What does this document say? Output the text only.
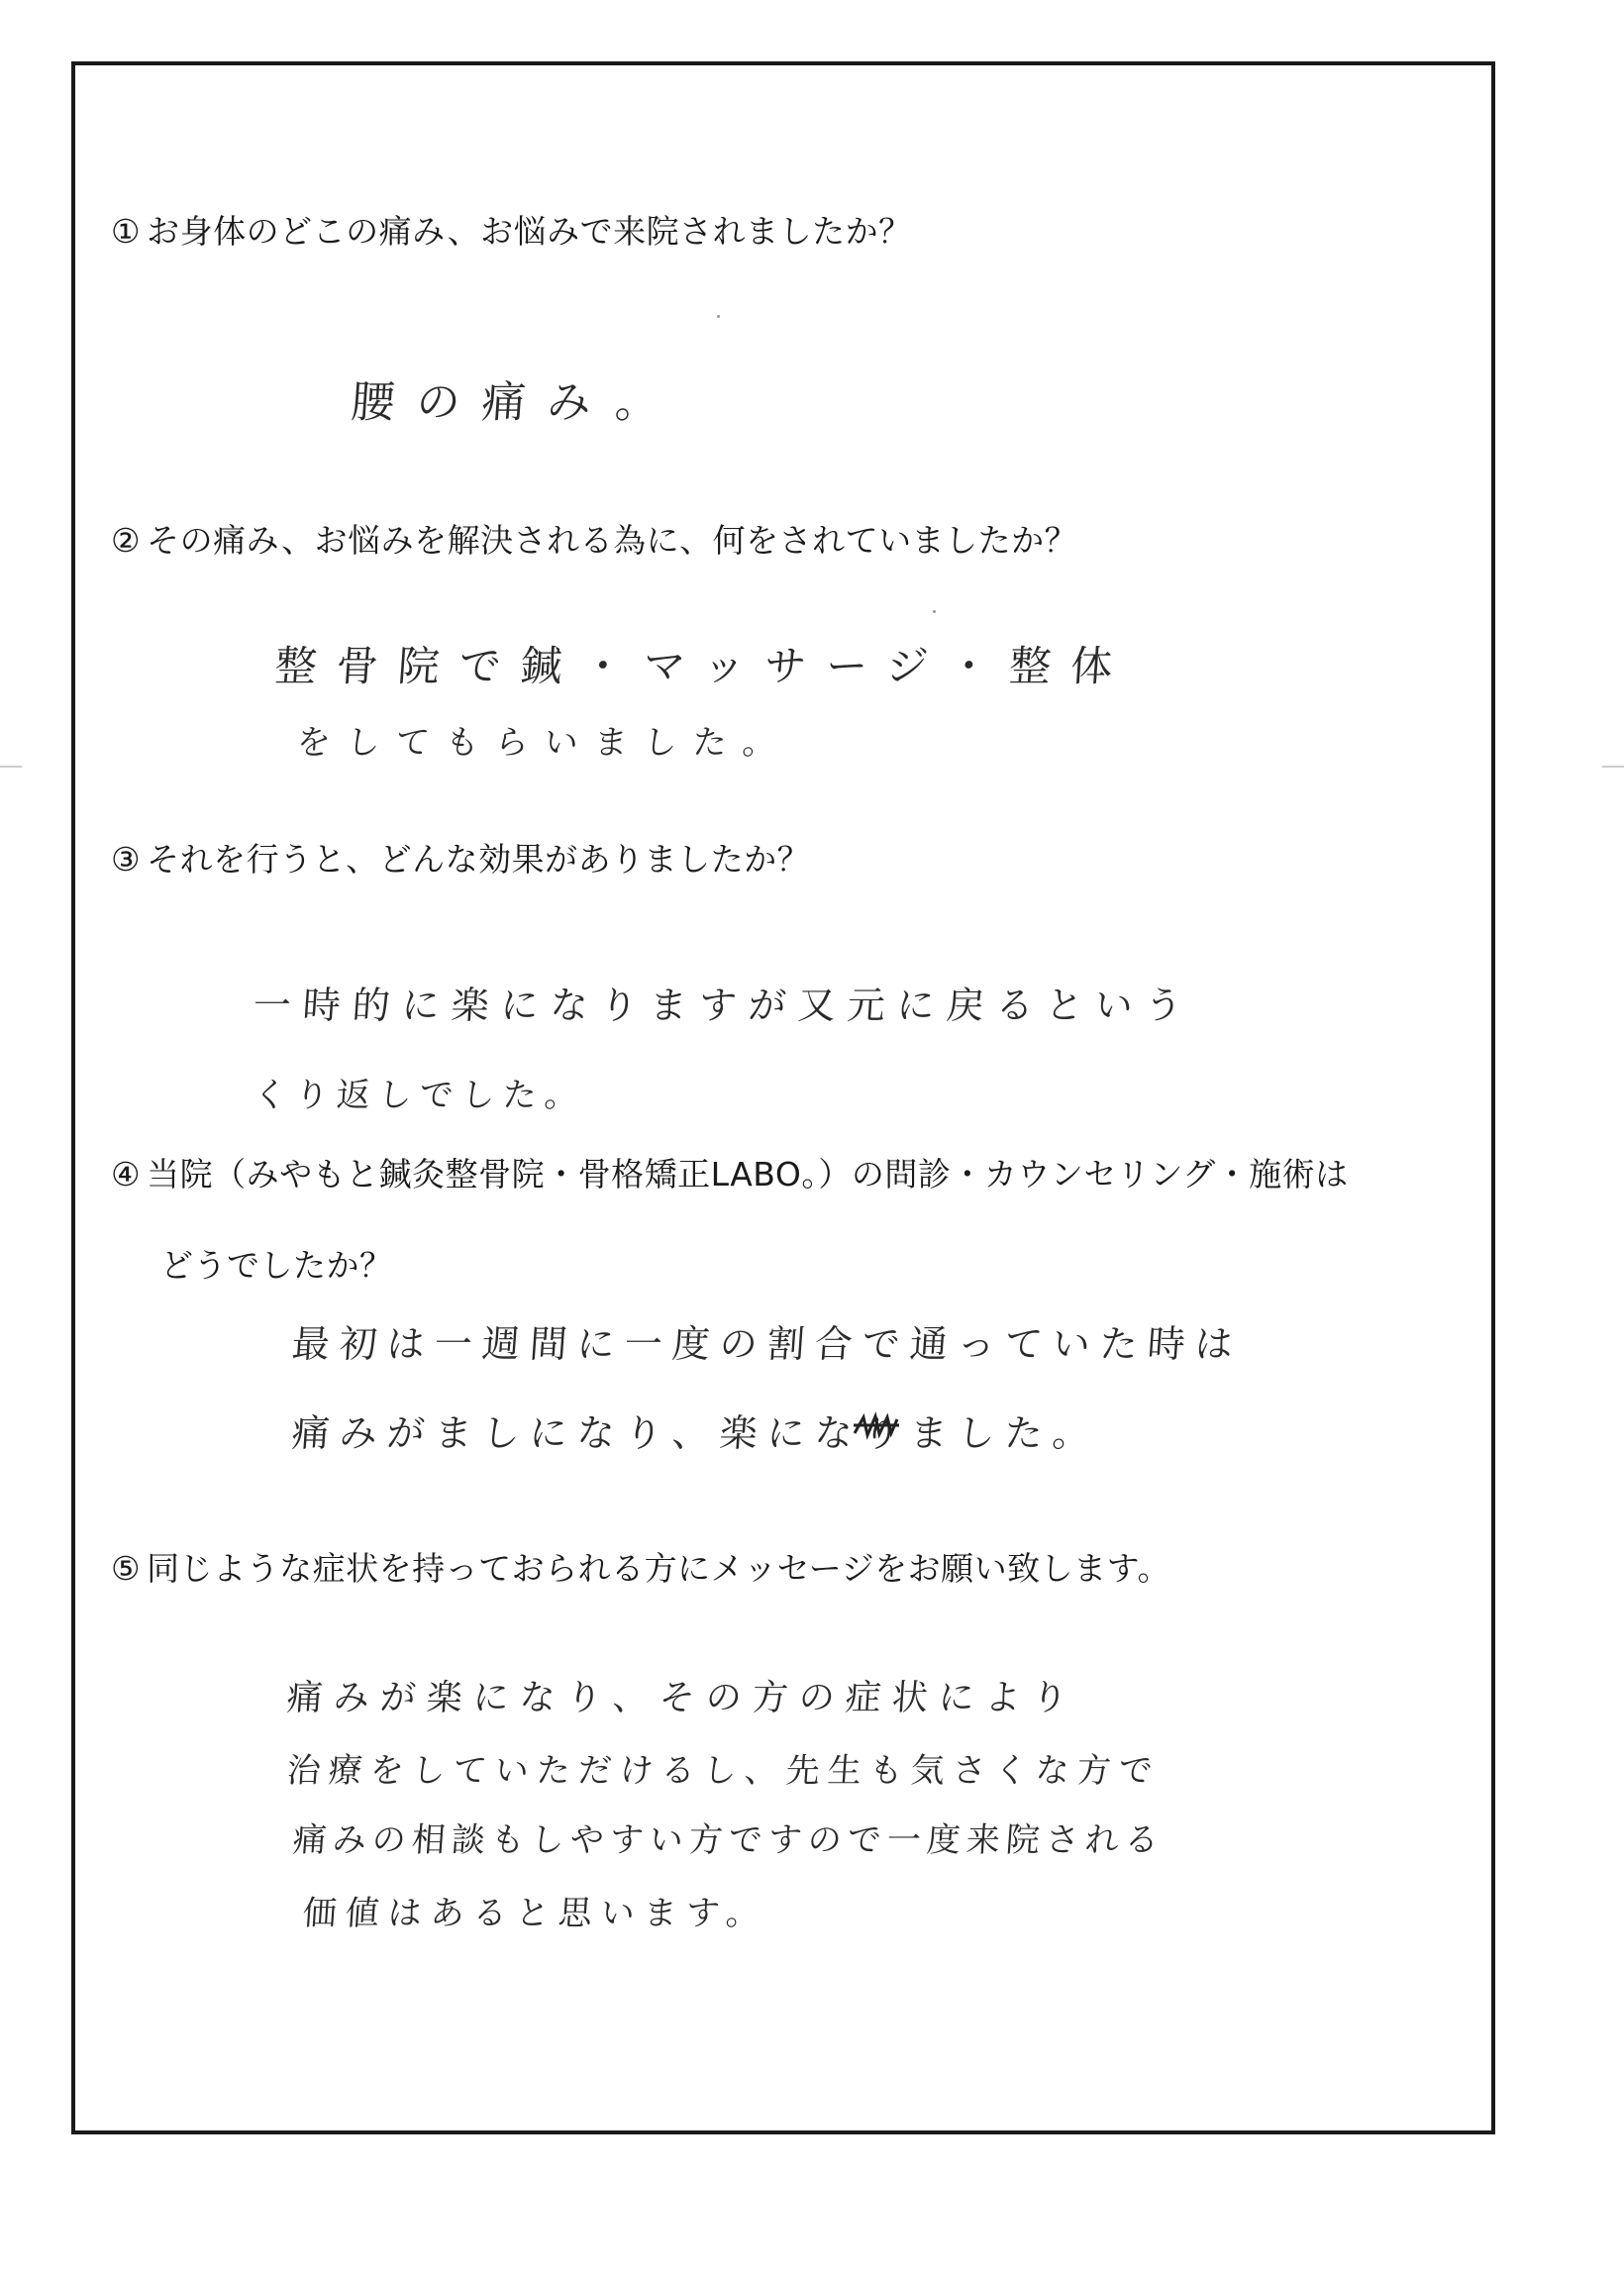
① お身体のどこの痛み、お悩みで来院されましたか？
腰の痛み。
② その痛み、お悩みを解決される為に、何をされていましたか？
整骨院で鍼・マッサージ・整体
をしてもらいました。
③ それを行うと、どんな効果がありましたか？
一時的に楽になりますが又元に戻るという
くり返しでした。
④ 当院（みやもと鍼灸整骨院・骨格矯正LABO。）の問診・カウンセリング・施術は
どうでしたか？
最初は一週間に一度の割合で通っていた時は
痛みがましになり、楽になりました。
⑤ 同じような症状を持っておられる方にメッセージをお願い致します。
痛みが楽になり、その方の症状により
治療をしていただけるし、先生も気さくな方で
痛みの相談もしやすい方ですので一度来院される
価値はあると思います。
